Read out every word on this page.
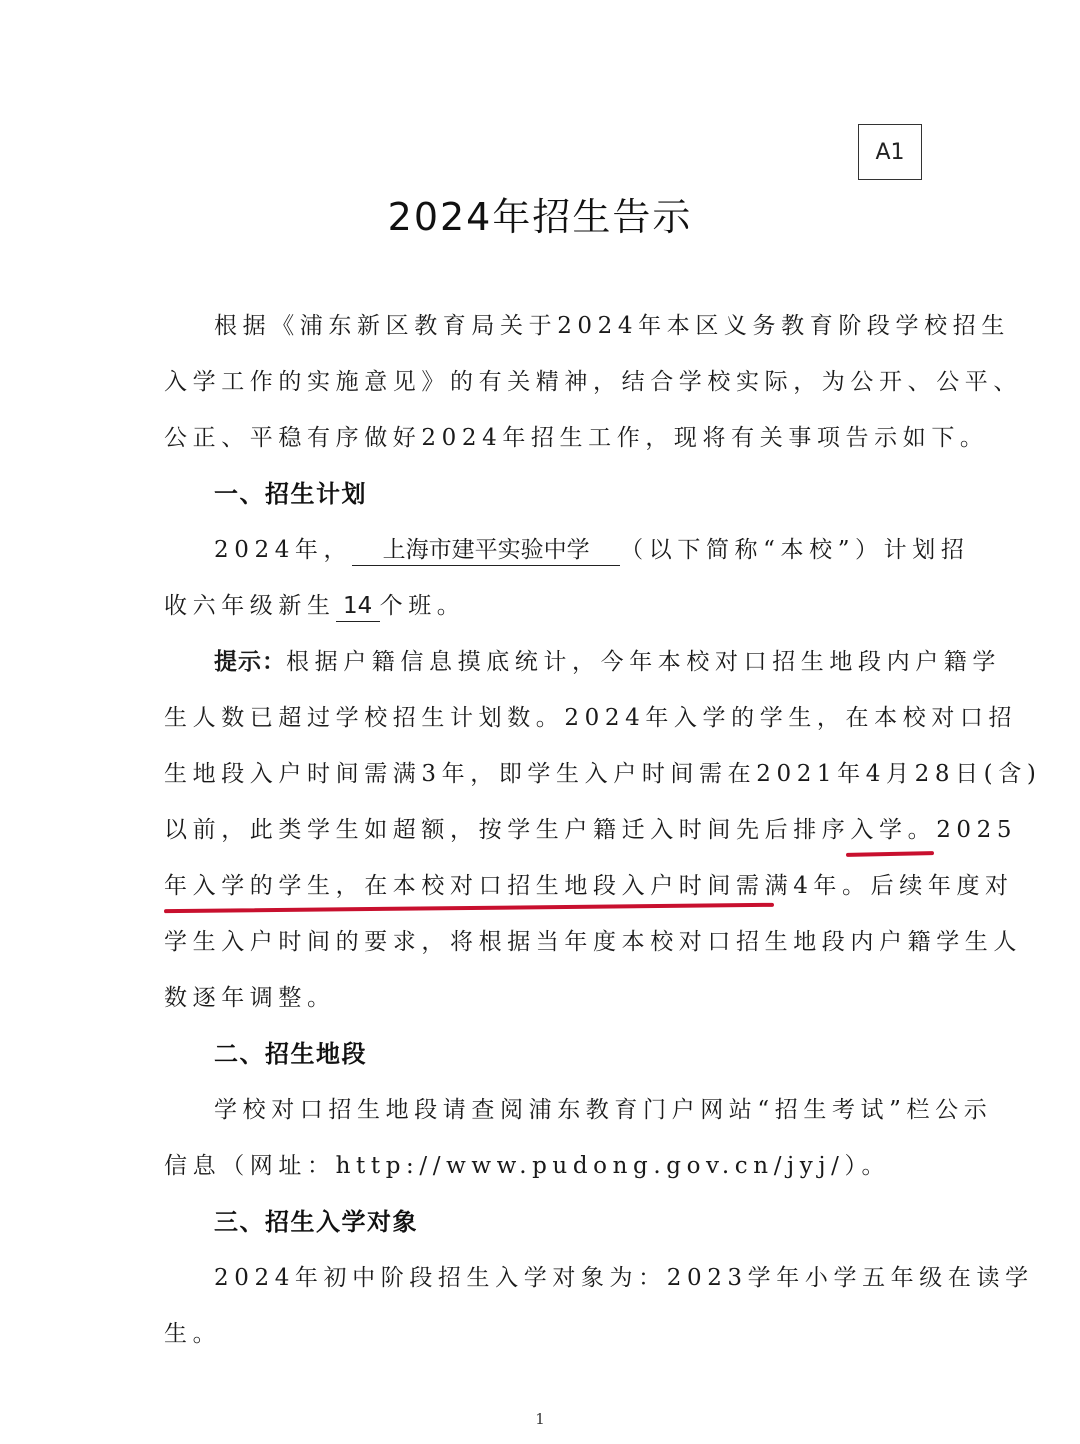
A1
2024年招生告示
根据《浦东新区教育局关于2024年本区义务教育阶段学校招生
入学工作的实施意见》的有关精神，结合学校实际，为公开、公平、
公正、平稳有序做好2024年招生工作，现将有关事项告示如下。
一、招生计划
2024年， 上海市建平实验中学 （以下简称“本校”）计划招
收六年级新生 14 个班。
提示：根据户籍信息摸底统计，今年本校对口招生地段内户籍学
生人数已超过学校招生计划数。2024年入学的学生，在本校对口招
生地段入户时间需满3年，即学生入户时间需在2021年4月28日(含)
以前，此类学生如超额，按学生户籍迁入时间先后排序入学。2025
年入学的学生，在本校对口招生地段入户时间需满4年。后续年度对
学生入户时间的要求，将根据当年度本校对口招生地段内户籍学生人
数逐年调整。
二、招生地段
学校对口招生地段请查阅浦东教育门户网站“招生考试”栏公示
信息（网址：http://www.pudong.gov.cn/jyj/）。
三、招生入学对象
2024年初中阶段招生入学对象为：2023学年小学五年级在读学
生。
1
